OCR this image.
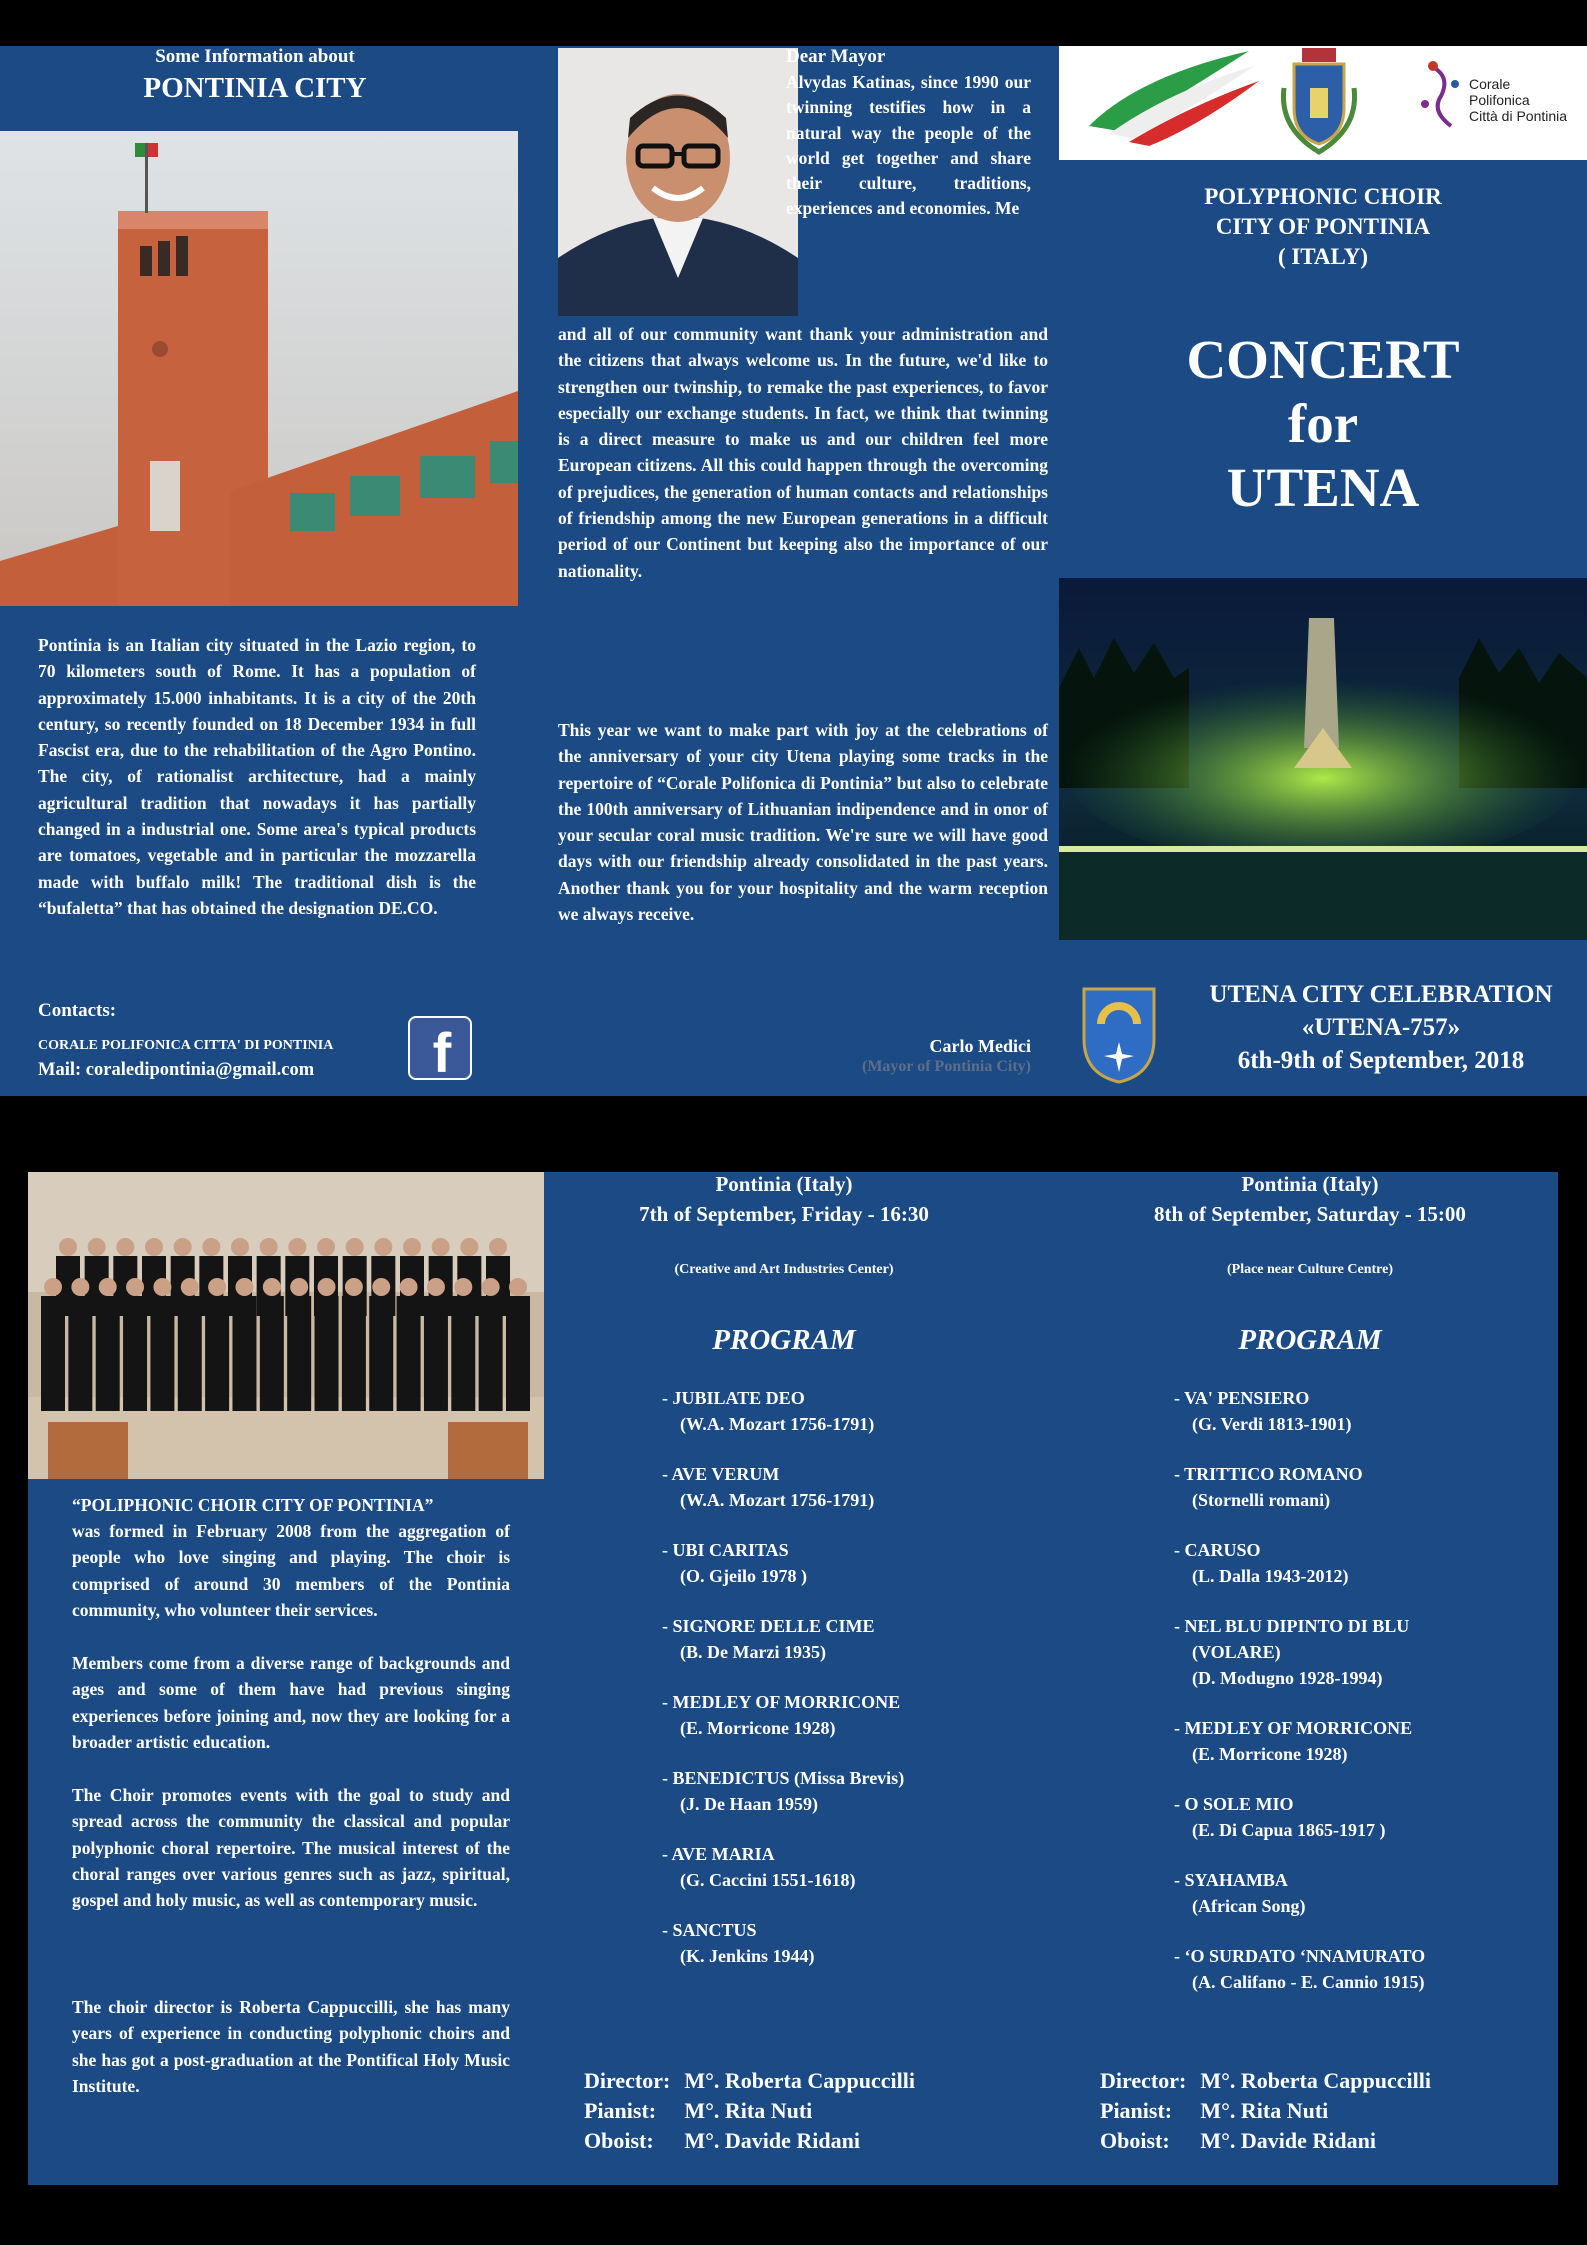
Some Information about
PONTINIA CITY
Pontinia is an Italian city situated in the Lazio region, to 70 kilometers south of Rome. It has a population of approximately 15.000 inhabitants. It is a city of the 20th century, so recently founded on 18 December 1934 in full Fascist era, due to the rehabilitation of the Agro Pontino. The city, of rationalist architecture, had a mainly agricultural tradition that nowadays it has partially changed in a industrial one. Some area's typical products are tomatoes, vegetable and in particular the mozzarella made with buffalo milk! The traditional dish is the “bufaletta” that has obtained the designation DE.CO.
Contacts:
CORALE POLIFONICA CITTA' DI PONTINIA
Mail: coraledipontinia@gmail.com f
Dear Mayor
Alvydas Katinas, since 1990 our twinning testifies how in a natural way the people of the world get together and share their culture, traditions, experiences and economies. Me
and all of our community want thank your administration and the citizens that always welcome us. In the future, we'd like to strengthen our twinship, to remake the past experiences, to favor especially our exchange students. In fact, we think that twinning is a direct measure to make us and our children feel more European citizens. All this could happen through the overcoming of prejudices, the generation of human contacts and relationships of friendship among the new European generations in a difficult period of our Continent but keeping also the importance of our nationality.
This year we want to make part with joy at the celebrations of the anniversary of your city Utena playing some tracks in the repertoire of “Corale Polifonica di Pontinia” but also to celebrate the 100th anniversary of Lithuanian indipendence and in onor of your secular coral music tradition. We're sure we will have good days with our friendship already consolidated in the past years. Another thank you for your hospitality and the warm reception we always receive.
Carlo Medici
(Mayor of Pontinia City)
Corale
Polifonica
Città di Pontinia
POLYPHONIC CHOIR
CITY OF PONTINIA
( ITALY)
CONCERT
for
UTENA
UTENA CITY CELEBRATION
«UTENA-757»
6th-9th of September, 2018
“POLIPHONIC CHOIR CITY OF PONTINIA”
was formed in February 2008 from the aggregation of people who love singing and playing. The choir is comprised of around 30 members of the Pontinia community, who volunteer their services.
Members come from a diverse range of backgrounds and ages and some of them have had previous singing experiences before joining and, now they are looking for a broader artistic education.
The Choir promotes events with the goal to study and spread across the community the classical and popular polyphonic choral repertoire. The musical interest of the choral ranges over various genres such as jazz, spiritual, gospel and holy music, as well as contemporary music.
The choir director is Roberta Cappuccilli, she has many years of experience in conducting polyphonic choirs and she has got a post-graduation at the Pontifical Holy Music Institute.
Pontinia (Italy)
7th of September, Friday - 16:30
(Creative and Art Industries Center)
PROGRAM
- JUBILATE DEO
(W.A. Mozart 1756-1791)
- AVE VERUM
(W.A. Mozart 1756-1791)
- UBI CARITAS
(O. Gjeilo 1978 )
- SIGNORE DELLE CIME
(B. De Marzi 1935)
- MEDLEY OF MORRICONE
(E. Morricone 1928)
- BENEDICTUS (Missa Brevis)
(J. De Haan 1959)
- AVE MARIA
(G. Caccini 1551-1618)
- SANCTUS
(K. Jenkins 1944)
Director:	M°. Roberta Cappuccilli
Pianist:	M°. Rita Nuti
Oboist:	M°. Davide Ridani
Pontinia (Italy)
8th of September, Saturday - 15:00
(Place near Culture Centre)
PROGRAM
- VA' PENSIERO
(G. Verdi 1813-1901)
- TRITTICO ROMANO
(Stornelli romani)
- CARUSO
(L. Dalla 1943-2012)
- NEL BLU DIPINTO DI BLU
(VOLARE)
(D. Modugno 1928-1994)
- MEDLEY OF MORRICONE
(E. Morricone 1928)
- O SOLE MIO
(E. Di Capua 1865-1917 )
- SYAHAMBA
(African Song)
- ‘O SURDATO ‘NNAMURATO
(A. Califano - E. Cannio 1915)
Director:	M°. Roberta Cappuccilli
Pianist:	M°. Rita Nuti
Oboist:	M°. Davide Ridani
